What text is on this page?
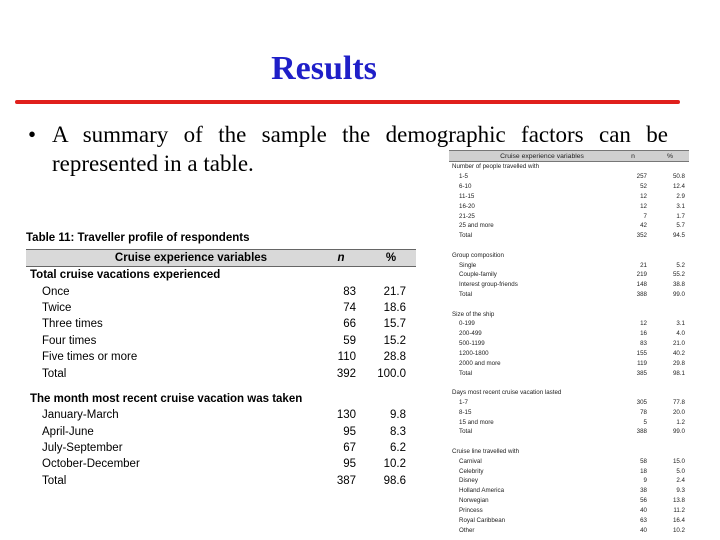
Results
• A summary of the sample the demographic factors can be represented in a table.
Table 11: Traveller profile of respondents
Cruise experience variables	n	%
Total cruise vacations experienced
Once	83	21.7
Twice	74	18.6
Three times	66	15.7
Four times	59	15.2
Five times or more	110	28.8
Total	392	100.0
The month most recent cruise vacation was taken
January-March	130	9.8
April-June	95	8.3
July-September	67	6.2
October-December	95	10.2
Total	387	98.6
Cruise experience variables	n	%
Number of people travelled with
1-5	257	50.8
6-10	52	12.4
11-15	12	2.9
16-20	12	3.1
21-25	7	1.7
25 and more	42	5.7
Total	352	94.5
Group composition
Single	21	5.2
Couple-family	219	55.2
Interest group-friends	148	38.8
Total	388	99.0
Size of the ship
0-199	12	3.1
200-499	16	4.0
500-1199	83	21.0
1200-1800	155	40.2
2000 and more	119	29.8
Total	385	98.1
Days most recent cruise vacation lasted
1-7	305	77.8
8-15	78	20.0
15 and more	5	1.2
Total	388	99.0
Cruise line travelled with
Carnival	58	15.0
Celebrity	18	5.0
Disney	9	2.4
Holland America	38	9.3
Norwegian	56	13.8
Princess	40	11.2
Royal Caribbean	63	16.4
Other	40	10.2
